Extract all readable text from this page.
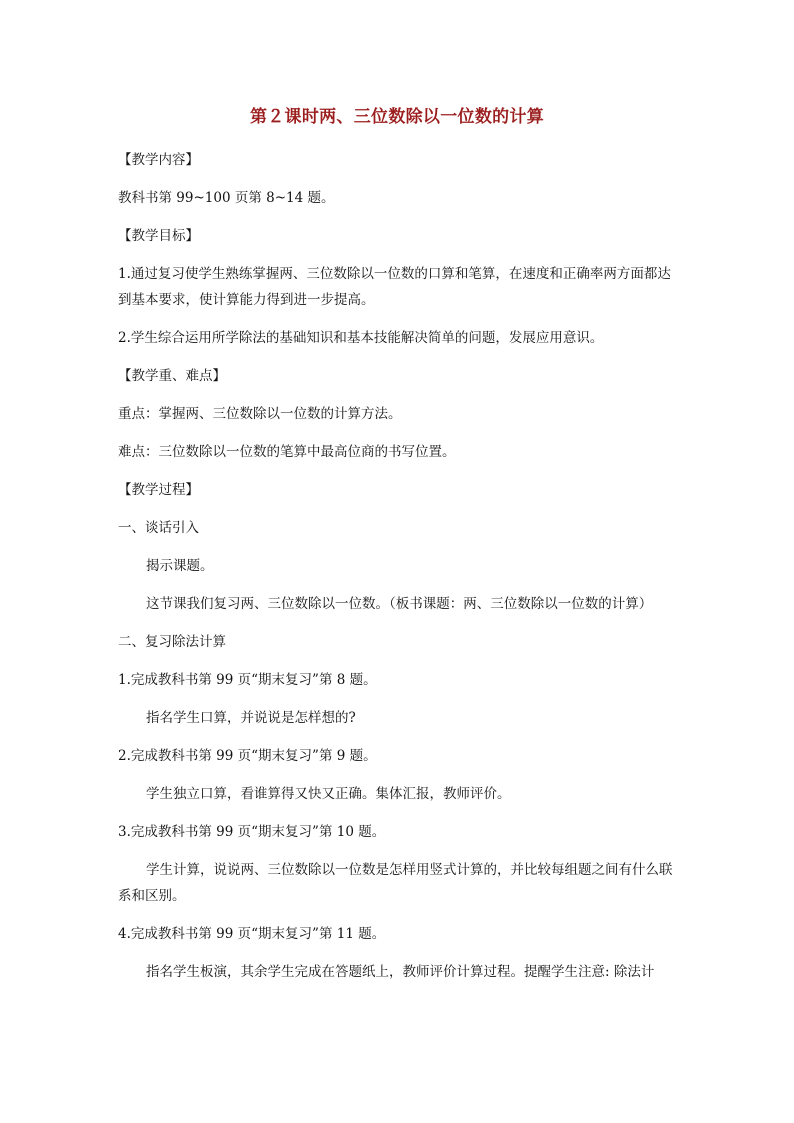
第２课时两、三位数除以一位数的计算

【教学内容】

教科书第 99~100 页第 8~14 题。

【教学目标】

1.通过复习使学生熟练掌握两、三位数除以一位数的口算和笔算，在速度和正确率两方面都达到基本要求，使计算能力得到进一步提高。

2.学生综合运用所学除法的基础知识和基本技能解决简单的问题，发展应用意识。

【教学重、难点】

重点：掌握两、三位数除以一位数的计算方法。

难点：三位数除以一位数的笔算中最高位商的书写位置。

【教学过程】

一、谈话引入

揭示课题。

这节课我们复习两、三位数除以一位数。（板书课题：两、三位数除以一位数的计算）

二、复习除法计算

1.完成教科书第 99 页“期末复习”第 8 题。

指名学生口算，并说说是怎样想的?

2.完成教科书第 99 页“期末复习”第 9 题。

学生独立口算，看谁算得又快又正确。集体汇报，教师评价。

3.完成教科书第 99 页“期末复习”第 10 题。

学生计算，说说两、三位数除以一位数是怎样用竖式计算的，并比较每组题之间有什么联系和区别。

4.完成教科书第 99 页“期末复习”第 11 题。

指名学生板演，其余学生完成在答题纸上，教师评价计算过程。提醒学生注意: 除法计
